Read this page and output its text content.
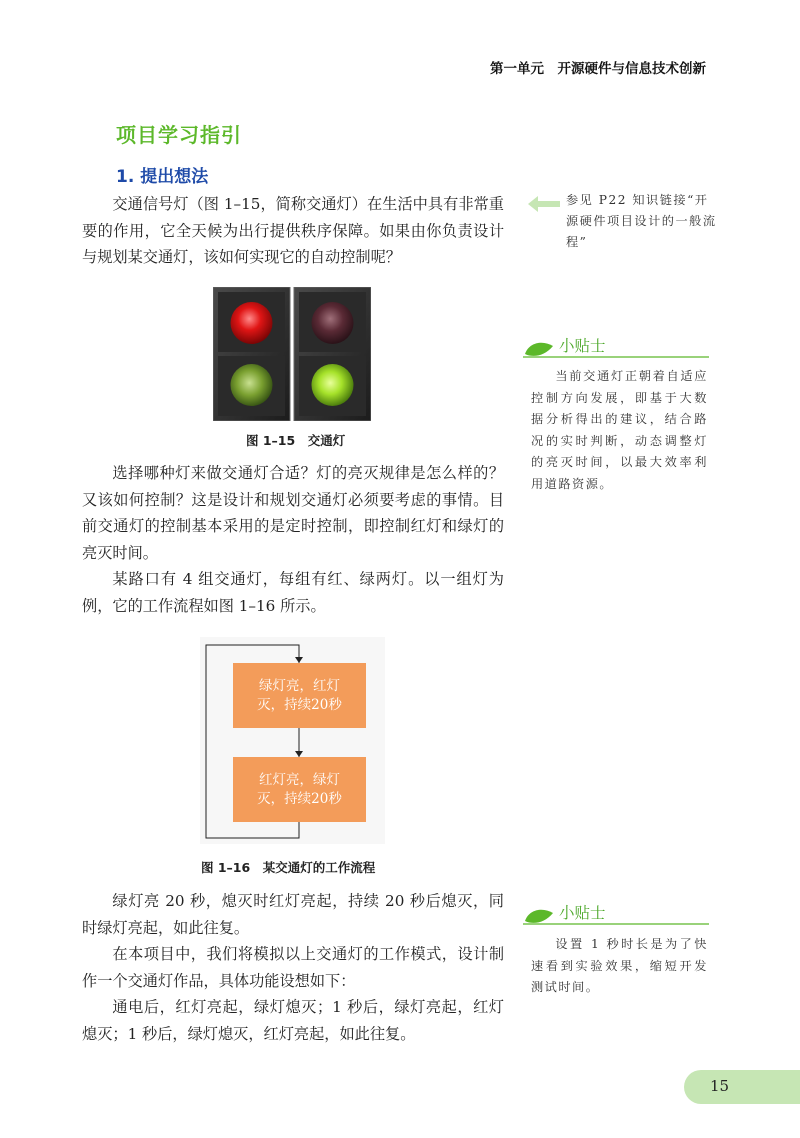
第一单元　开源硬件与信息技术创新
项目学习指引
1. 提出想法
交通信号灯（图 1–15，简称交通灯）在生活中具有非常重要的作用，它全天候为出行提供秩序保障。如果由你负责设计与规划某交通灯，该如何实现它的自动控制呢？
参见 P22 知识链接“开源硬件项目设计的一般流程”
图 1–15　交通灯
选择哪种灯来做交通灯合适？灯的亮灭规律是怎么样的？又该如何控制？这是设计和规划交通灯必须要考虑的事情。目前交通灯的控制基本采用的是定时控制，即控制红灯和绿灯的亮灭时间。
某路口有 4 组交通灯，每组有红、绿两灯。以一组灯为例，它的工作流程如图 1–16 所示。
绿灯亮，红灯灭，持续20秒
红灯亮，绿灯灭，持续20秒
图 1–16　某交通灯的工作流程
绿灯亮 20 秒，熄灭时红灯亮起，持续 20 秒后熄灭，同时绿灯亮起，如此往复。
在本项目中，我们将模拟以上交通灯的工作模式，设计制作一个交通灯作品，具体功能设想如下：
通电后，红灯亮起，绿灯熄灭；1 秒后，绿灯亮起，红灯熄灭；1 秒后，绿灯熄灭，红灯亮起，如此往复。
小贴士
当前交通灯正朝着自适应控制方向发展，即基于大数据分析得出的建议，结合路况的实时判断，动态调整灯的亮灭时间，以最大效率利用道路资源。
小贴士
设置 1 秒时长是为了快速看到实验效果，缩短开发测试时间。
15
